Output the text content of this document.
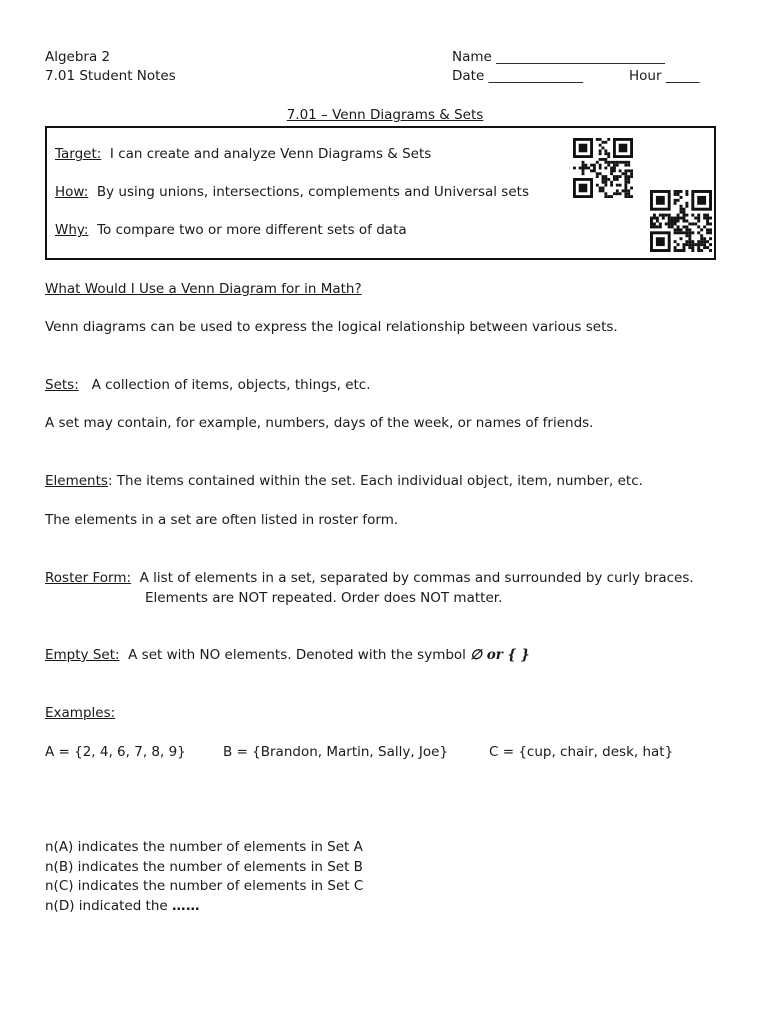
Algebra 2
7.01 Student Notes
Name _________________________
Date ______________	Hour _____
7.01 – Venn Diagrams & Sets
Target: I can create and analyze Venn Diagrams & Sets
How: By using unions, intersections, complements and Universal sets
Why: To compare two or more different sets of data
What Would I Use a Venn Diagram for in Math?
Venn diagrams can be used to express the logical relationship between various sets.
Sets: A collection of items, objects, things, etc.
A set may contain, for example, numbers, days of the week, or names of friends.
Elements: The items contained within the set. Each individual object, item, number, etc.
The elements in a set are often listed in roster form.
Roster Form: A list of elements in a set, separated by commas and surrounded by curly braces.
Elements are NOT repeated. Order does NOT matter.
Empty Set: A set with NO elements. Denoted with the symbol ∅ or { }
Examples:
A = {2, 4, 6, 7, 8, 9}	B = {Brandon, Martin, Sally, Joe}	C = {cup, chair, desk, hat}
n(A) indicates the number of elements in Set A
n(B) indicates the number of elements in Set B
n(C) indicates the number of elements in Set C
n(D) indicated the ……
